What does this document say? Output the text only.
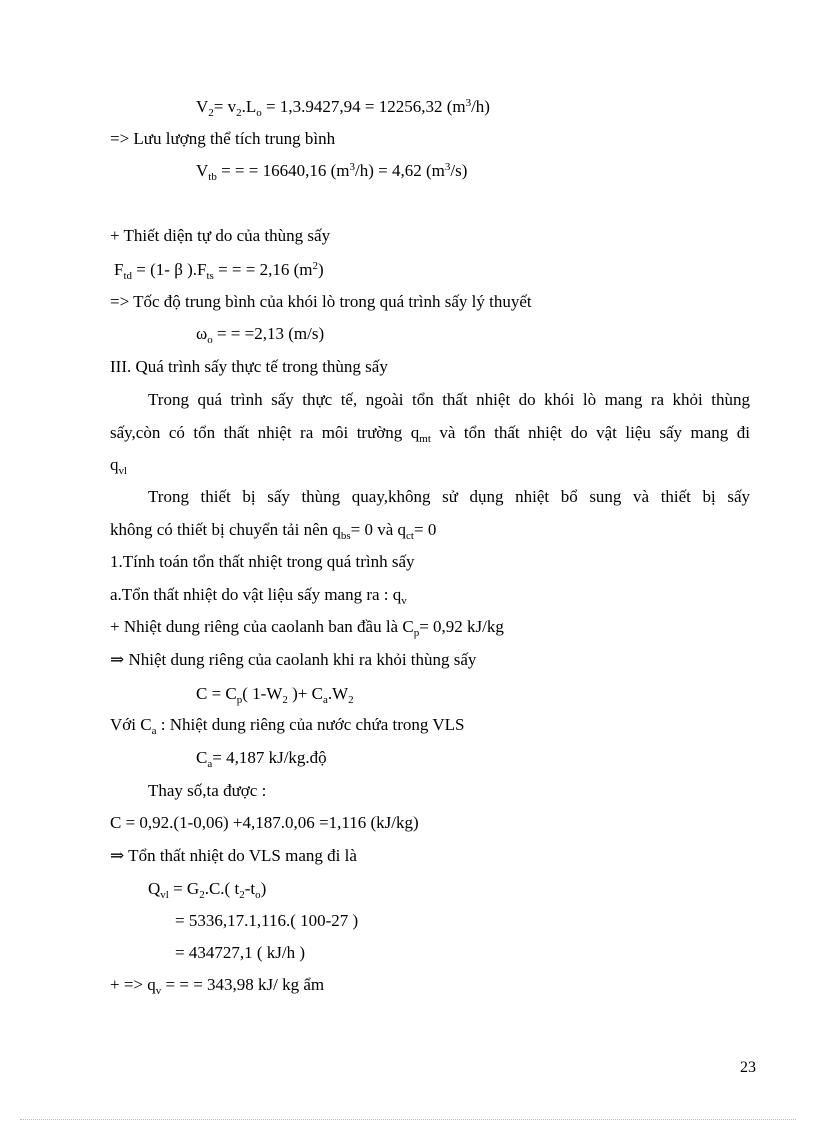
$V_2= v_2.L_o = 1,3.9427,94 = 12256,32$ $(m^3/h)$
=> Lưu lượng thể tích trung bình
$V_{tb}$ = = = 16640,16 $(m^3/h) = 4,62$ $(m^3/s)$
+ Thiết diện tự do của thùng sấy
$F_{td} = (1-$ β )$.F_{ts}$ = = = 2,16 $(m^2)$
=> Tốc độ trung bình của khói lò trong quá trình sấy lý thuyết
$\omega_o$ = = =2,13 (m/s)
III. Quá trình sấy thực tế trong thùng sấy
Trong quá trình sấy thực tế, ngoài tổn thất nhiệt do khói lò mang ra khỏi thùng
sấy,còn có tổn thất nhiệt ra môi trường $q_{mt}$ và tổn thất nhiệt do vật liệu sấy mang đi
$q_{vl}$
Trong thiết bị sấy thùng quay,không sử dụng nhiệt bổ sung và thiết bị sấy
không có thiết bị chuyển tải nên $q_{bs}= 0$ và $q_{ct}= 0$
1.Tính toán tổn thất nhiệt trong quá trình sấy
a.Tổn thất nhiệt do vật liệu sấy mang ra : $q_v$
+ Nhiệt dung riêng của caolanh ban đầu là $C_p= 0,92$ kJ/kg
⇒ Nhiệt dung riêng của caolanh khi ra khỏi thùng sấy
$C = C_p$( $1-W_2$ )+ $C_a.W_2$
Với $C_a$ : Nhiệt dung riêng của nước chứa trong VLS
$C_a= 4,187$ kJ/kg.độ
Thay số,ta được :
C = 0,92.(1-0,06) +4,187.0,06 =1,116 (kJ/kg)
⇒ Tổn thất nhiệt do VLS mang đi là
$Q_{vl} = G_2.C$.( $t_2-t_o$)
= 5336,17.1,116.( 100-27 )
= 434727,1 ( kJ/h )
+ => $q_v$ = = = 343,98 kJ/ kg ẩm
23
